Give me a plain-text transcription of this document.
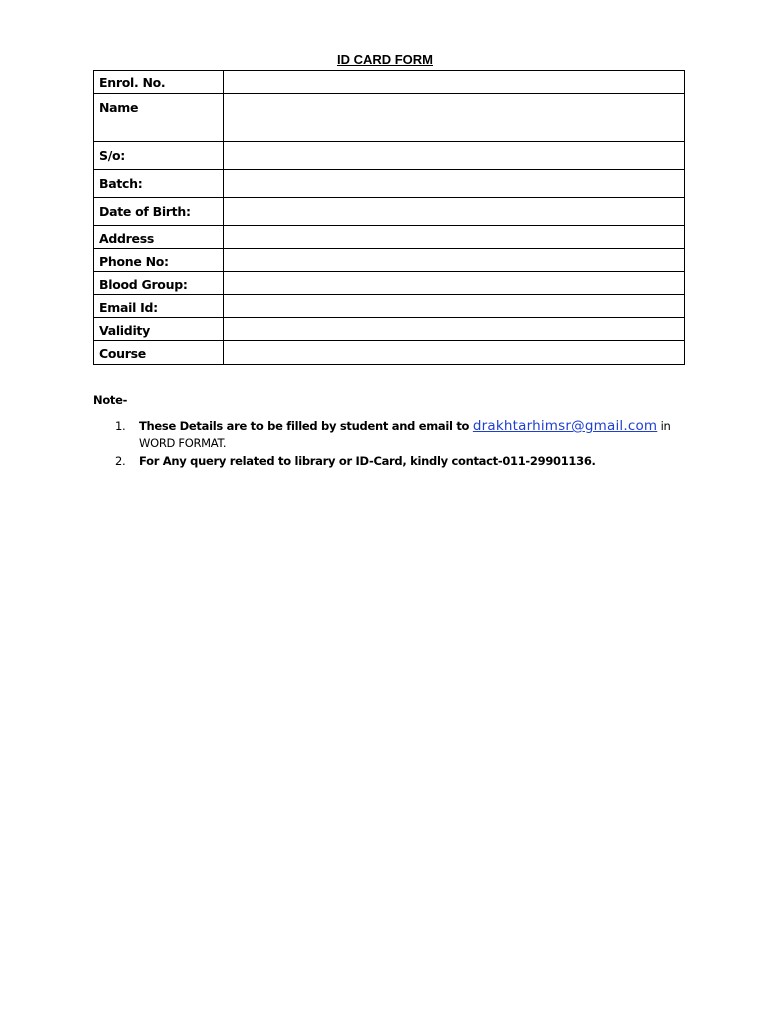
ID CARD FORM
Enrol. No.	
Name	
S/o:	
Batch:	
Date of Birth:	
Address	
Phone No:	
Blood Group:	
Email Id:	
Validity	
Course	
Note-
1. These Details are to be filled by student and email to drakhtarhimsr@gmail.com in
WORD FORMAT.
2. For Any query related to library or ID-Card, kindly contact-011-29901136.
